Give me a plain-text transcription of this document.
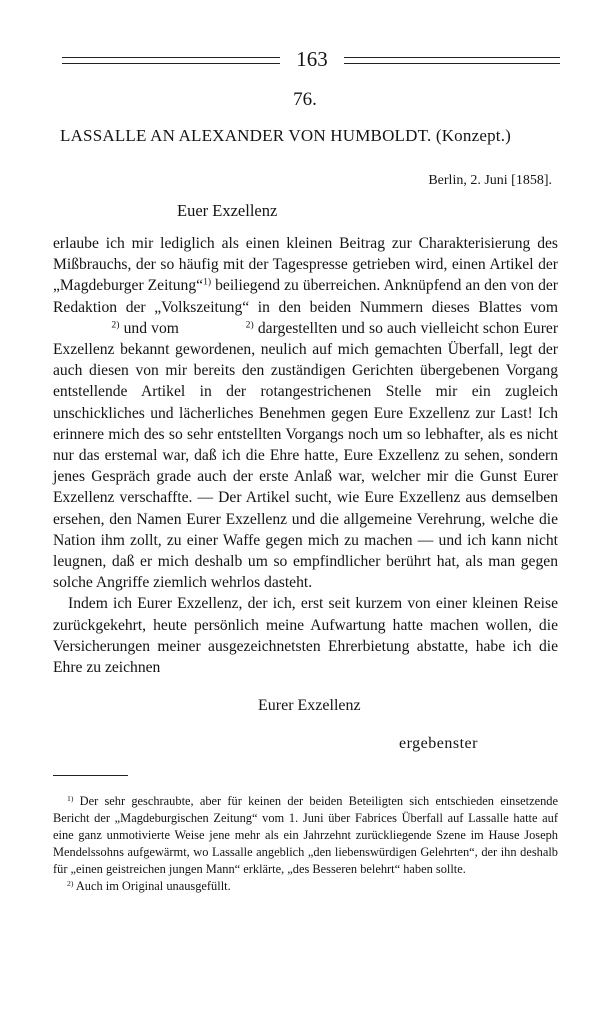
163
76.
LASSALLE AN ALEXANDER VON HUMBOLDT. (Konzept.)
Berlin, 2. Juni [1858].
Euer Exzellenz

erlaube ich mir lediglich als einen kleinen Beitrag zur Charakterisierung des Mißbrauchs, der so häufig mit der Tagespresse getrieben wird, einen Artikel der „Magdeburger Zeitung“$^{1)}$ beiliegend zu überreichen. Anknüpfend an den von der Redaktion der „Volkszeitung“ in den beiden Nummern dieses Blattes vom               $^{2)}$ und vom	$^{2)}$ dargestellten und so auch vielleicht schon Eurer Exzellenz bekannt gewordenen, neulich auf mich gemachten Überfall, legt der auch diesen von mir bereits den zuständigen Gerichten übergebenen Vorgang entstellende Artikel in der rotangestrichenen Stelle mir ein zugleich unschickliches und lächerliches Benehmen gegen Eure Exzellenz zur Last! Ich erinnere mich des so sehr entstellten Vorgangs noch um so lebhafter, als es nicht nur das erstemal war, daß ich die Ehre hatte, Eure Exzellenz zu sehen, sondern jenes Gespräch grade auch der erste Anlaß war, welcher mir die Gunst Eurer Exzellenz verschaffte. — Der Artikel sucht, wie Eure Exzellenz aus demselben ersehen, den Namen Eurer Exzellenz und die allgemeine Verehrung, welche die Nation ihm zollt, zu einer Waffe gegen mich zu machen — und ich kann nicht leugnen, daß er mich deshalb um so empfindlicher berührt hat, als man gegen solche Angriffe ziemlich wehrlos dasteht.

Indem ich Eurer Exzellenz, der ich, erst seit kurzem von einer kleinen Reise zurückgekehrt, heute persönlich meine Aufwartung hatte machen wollen, die Versicherungen meiner ausgezeichnetsten Ehrerbietung abstatte, habe ich die Ehre zu zeichnen

Eurer Exzellenz
ergebenster

$^{1)}$ Der sehr geschraubte, aber für keinen der beiden Beteiligten sich entschieden einsetzende Bericht der „Magdeburgischen Zeitung“ vom 1. Juni über Fabrices Überfall auf Lassalle hatte auf eine ganz unmotivierte Weise jene mehr als ein Jahrzehnt zurückliegende Szene im Hause Joseph Mendelssohns aufgewärmt, wo Lassalle angeblich „den liebenswürdigen Gelehrten“, der ihn deshalb für „einen geistreichen jungen Mann“ erklärte, „des Besseren belehrt“ haben sollte.

$^{2)}$ Auch im Original unausgefüllt.
